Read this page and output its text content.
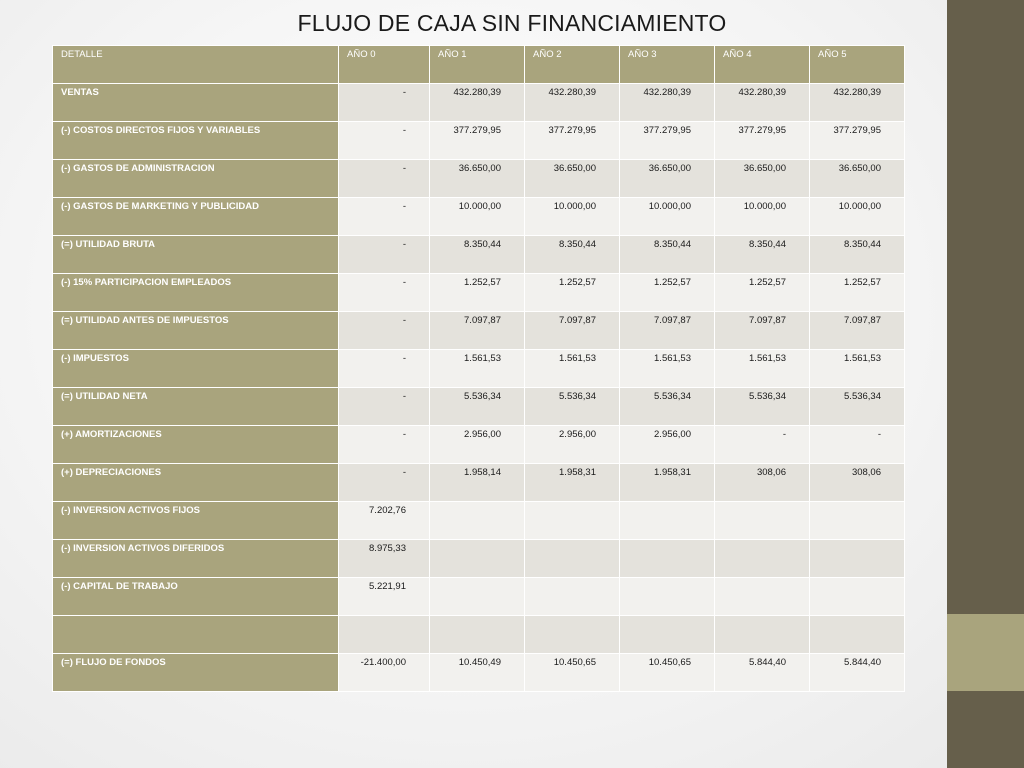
FLUJO DE CAJA SIN FINANCIAMIENTO
DETALLE	AÑO 0	AÑO 1	AÑO 2	AÑO 3	AÑO 4	AÑO 5
VENTAS	-	432.280,39	432.280,39	432.280,39	432.280,39	432.280,39
(-) COSTOS DIRECTOS FIJOS Y VARIABLES	-	377.279,95	377.279,95	377.279,95	377.279,95	377.279,95
(-) GASTOS DE ADMINISTRACION	-	36.650,00	36.650,00	36.650,00	36.650,00	36.650,00
(-) GASTOS DE MARKETING Y PUBLICIDAD	-	10.000,00	10.000,00	10.000,00	10.000,00	10.000,00
(=) UTILIDAD BRUTA	-	8.350,44	8.350,44	8.350,44	8.350,44	8.350,44
(-) 15% PARTICIPACION EMPLEADOS	-	1.252,57	1.252,57	1.252,57	1.252,57	1.252,57
(=) UTILIDAD ANTES DE IMPUESTOS	-	7.097,87	7.097,87	7.097,87	7.097,87	7.097,87
(-) IMPUESTOS	-	1.561,53	1.561,53	1.561,53	1.561,53	1.561,53
(=) UTILIDAD NETA	-	5.536,34	5.536,34	5.536,34	5.536,34	5.536,34
(+) AMORTIZACIONES	-	2.956,00	2.956,00	2.956,00	-	-
(+) DEPRECIACIONES	-	1.958,14	1.958,31	1.958,31	308,06	308,06
(-) INVERSION ACTIVOS FIJOS	7.202,76					
(-) INVERSION ACTIVOS DIFERIDOS	8.975,33					
(-) CAPITAL DE TRABAJO	5.221,91					

(=) FLUJO DE FONDOS	-21.400,00	10.450,49	10.450,65	10.450,65	5.844,40	5.844,40
